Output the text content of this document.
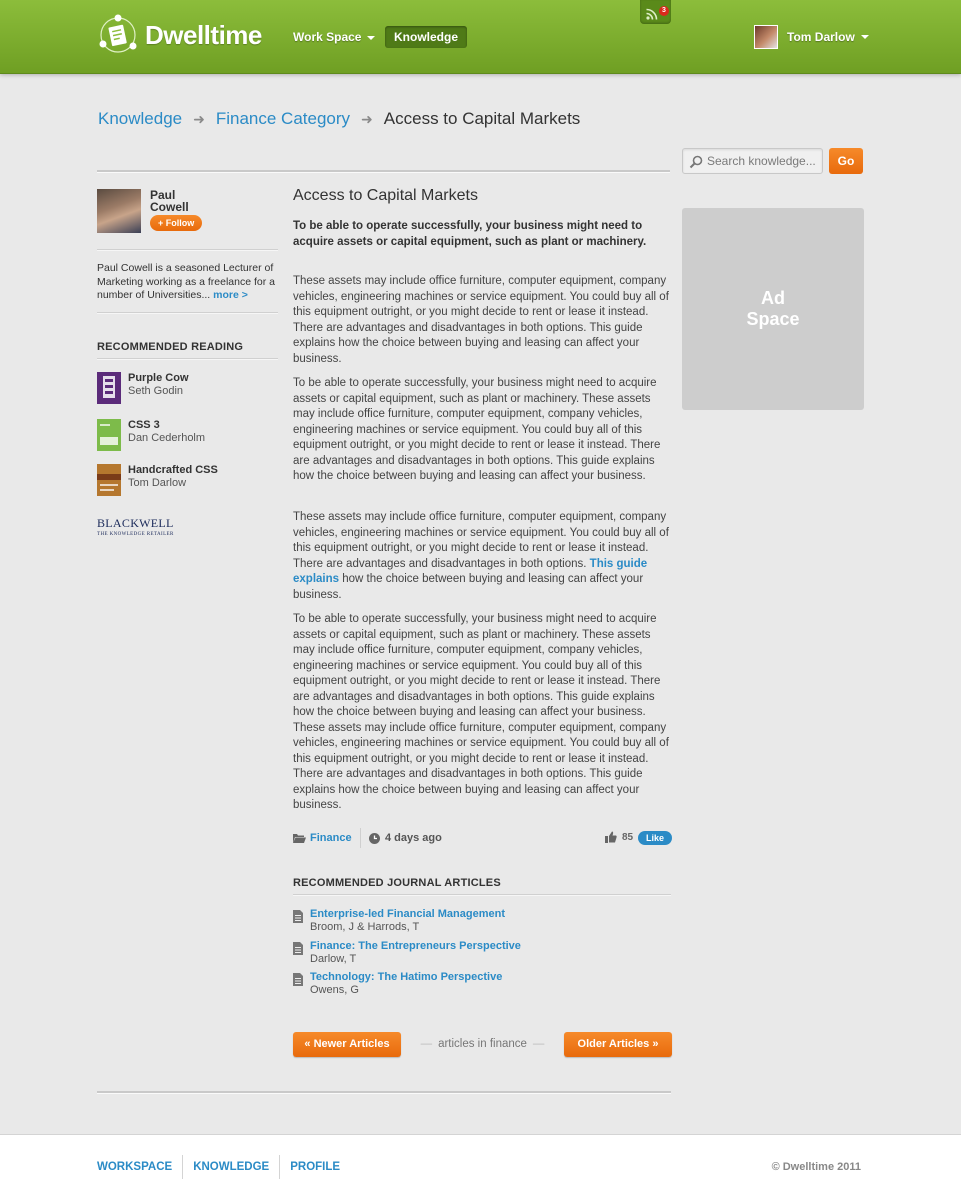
Dwelltime	Work Space	Knowledge
3
Tom Darlow
Knowledge ➜ Finance Category ➜ Access to Capital Markets
Search knowledge...
Go
Ad
Space
Paul
Cowell
+ Follow
Paul Cowell is a seasoned Lecturer of Marketing working as a freelance for a number of Universities... more >
RECOMMENDED READING
Purple Cow
Seth Godin
CSS 3
Dan Cederholm
Handcrafted CSS
Tom Darlow
BLACKWELL
THE KNOWLEDGE RETAILER
Access to Capital Markets
To be able to operate successfully, your business might need to acquire assets or capital equipment, such as plant or machinery.

These assets may include office furniture, computer equipment, company vehicles, engineering machines or service equipment. You could buy all of this equipment outright, or you might decide to rent or lease it instead. There are advantages and disadvantages in both options. This guide explains how the choice between buying and leasing can affect your business.

To be able to operate successfully, your business might need to acquire assets or capital equipment, such as plant or machinery. These assets may include office furniture, computer equipment, company vehicles, engineering machines or service equipment. You could buy all of this equipment outright, or you might decide to rent or lease it instead. There are advantages and disadvantages in both options. This guide explains how the choice between buying and leasing can affect your business.

These assets may include office furniture, computer equipment, company vehicles, engineering machines or service equipment. You could buy all of this equipment outright, or you might decide to rent or lease it instead. There are advantages and disadvantages in both options. This guide explains how the choice between buying and leasing can affect your business.

To be able to operate successfully, your business might need to acquire assets or capital equipment, such as plant or machinery. These assets may include office furniture, computer equipment, company vehicles, engineering machines or service equipment. You could buy all of this equipment outright, or you might decide to rent or lease it instead. There are advantages and disadvantages in both options. This guide explains how the choice between buying and leasing can affect your business. These assets may include office furniture, computer equipment, company vehicles, engineering machines or service equipment. You could buy all of this equipment outright, or you might decide to rent or lease it instead. There are advantages and disadvantages in both options. This guide explains how the choice between buying and leasing can affect your business.

Finance	4 days ago	85	Like
RECOMMENDED JOURNAL ARTICLES
Enterprise-led Financial Management
Broom, J & Harrods, T
Finance: The Entrepreneurs Perspective
Darlow, T
Technology: The Hatimo Perspective
Owens, G
« Newer Articles	— articles in finance —	Older Articles »
WORKSPACE KNOWLEDGE PROFILE	© Dwelltime 2011
